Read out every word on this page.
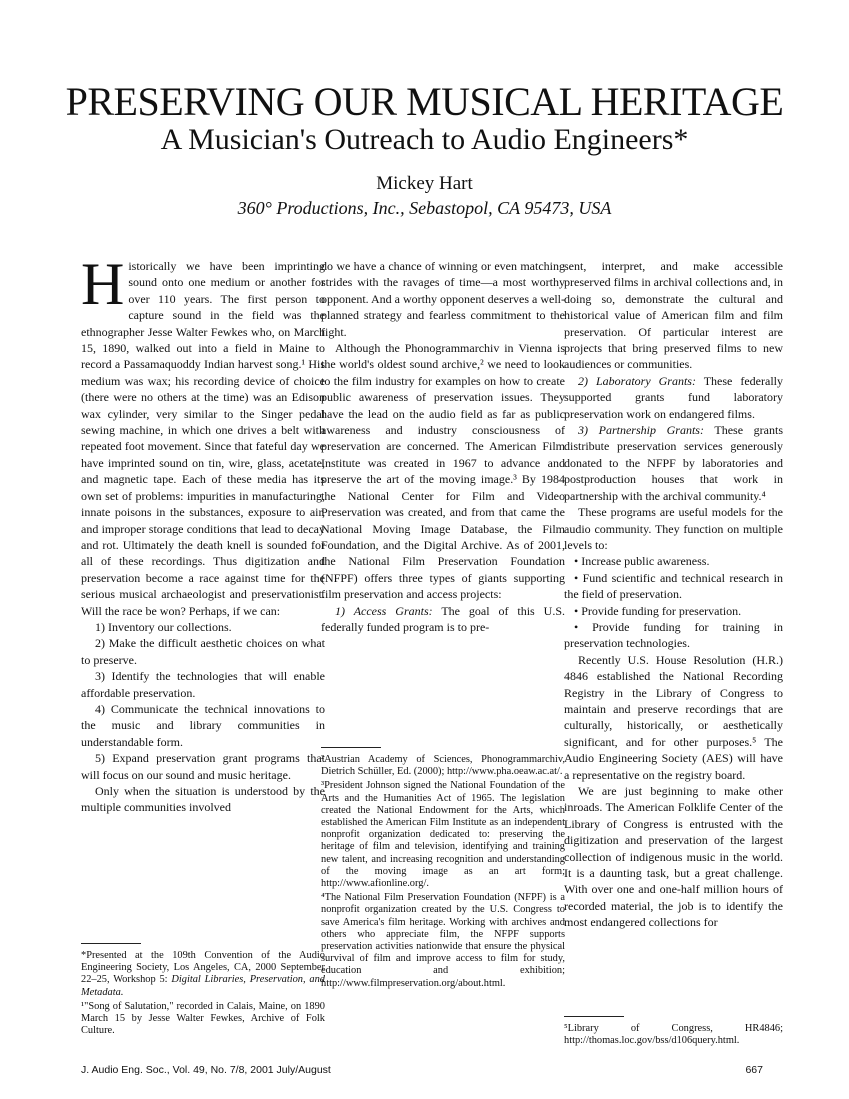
PRESERVING OUR MUSICAL HERITAGE
A Musician's Outreach to Audio Engineers*
Mickey Hart
360° Productions, Inc., Sebastopol, CA 95473, USA

Historically we have been imprinting sound onto one medium or another for over 110 years. The first person to capture sound in the field was the ethnographer Jesse Walter Fewkes who, on March 15, 1890, walked out into a field in Maine to record a Passamaquoddy Indian harvest song.¹ His medium was wax; his recording device of choice (there were no others at the time) was an Edison wax cylinder, very similar to the Singer pedal sewing machine, in which one drives a belt with repeated foot movement. Since that fateful day we have imprinted sound on tin, wire, glass, acetate, and magnetic tape. Each of these media has its own set of problems: impurities in manufacturing, innate poisons in the substances, exposure to air, and improper storage conditions that lead to decay and rot. Ultimately the death knell is sounded for all of these recordings. Thus digitization and preservation become a race against time for the serious musical archaeologist and preservationist. Will the race be won? Perhaps, if we can:

1) Inventory our collections.

2) Make the difficult aesthetic choices on what to preserve.

3) Identify the technologies that will enable affordable preservation.

4) Communicate the technical innovations to the music and library communities in understandable form.

5) Expand preservation grant programs that will focus on our sound and music heritage.

Only when the situation is understood by the multiple communities involved

*Presented at the 109th Convention of the Audio Engineering Society, Los Angeles, CA, 2000 September 22–25, Workshop 5: Digital Libraries, Preservation, and Metadata.

¹"Song of Salutation," recorded in Calais, Maine, on 1890 March 15 by Jesse Walter Fewkes, Archive of Folk Culture.

do we have a chance of winning or even matching strides with the ravages of time—a most worthy opponent. And a worthy opponent deserves a well-planned strategy and fearless commitment to the fight.

Although the Phonogrammarchiv in Vienna is the world's oldest sound archive,² we need to look to the film industry for examples on how to create public awareness of preservation issues. They have the lead on the audio field as far as public awareness and industry consciousness of preservation are concerned. The American Film Institute was created in 1967 to advance and preserve the art of the moving image.³ By 1984 the National Center for Film and Video Preservation was created, and from that came the National Moving Image Database, the Film Foundation, and the Digital Archive. As of 2001, the National Film Preservation Foundation (NFPF) offers three types of giants supporting film preservation and access projects:

1) Access Grants: The goal of this U.S. federally funded program is to pre-

²Austrian Academy of Sciences, Phonogrammarchiv, Dietrich Schüller, Ed. (2000); http://www.pha.oeaw.ac.at/.

³President Johnson signed the National Foundation of the Arts and the Humanities Act of 1965. The legislation created the National Endowment for the Arts, which established the American Film Institute as an independent nonprofit organization dedicated to: preserving the heritage of film and television, identifying and training new talent, and increasing recognition and understanding of the moving image as an art form; http://www.afionline.org/.

⁴The National Film Preservation Foundation (NFPF) is a nonprofit organization created by the U.S. Congress to save America's film heritage. Working with archives and others who appreciate film, the NFPF supports preservation activities nationwide that ensure the physical survival of film and improve access to film for study, education and exhibition; http://www.filmpreservation.org/about.html.

sent, interpret, and make accessible preserved films in archival collections and, in doing so, demonstrate the cultural and historical value of American film and film preservation. Of particular interest are projects that bring preserved films to new audiences or communities.

2) Laboratory Grants: These federally supported grants fund laboratory preservation work on endangered films.

3) Partnership Grants: These grants distribute preservation services generously donated to the NFPF by laboratories and postproduction houses that work in partnership with the archival community.⁴

These programs are useful models for the audio community. They function on multiple levels to:

• Increase public awareness.
• Fund scientific and technical research in the field of preservation.
• Provide funding for preservation.
• Provide funding for training in preservation technologies.

Recently U.S. House Resolution (H.R.) 4846 established the National Recording Registry in the Library of Congress to maintain and preserve recordings that are culturally, historically, or aesthetically significant, and for other purposes.⁵ The Audio Engineering Society (AES) will have a representative on the registry board.

We are just beginning to make other inroads. The American Folklife Center of the Library of Congress is entrusted with the digitization and preservation of the largest collection of indigenous music in the world. It is a daunting task, but a great challenge. With over one and one-half million hours of recorded material, the job is to identify the most endangered collections for

⁵Library of Congress, HR4846; http://thomas.loc.gov/bss/d106query.html.

J. Audio Eng. Soc., Vol. 49, No. 7/8, 2001 July/August	667
